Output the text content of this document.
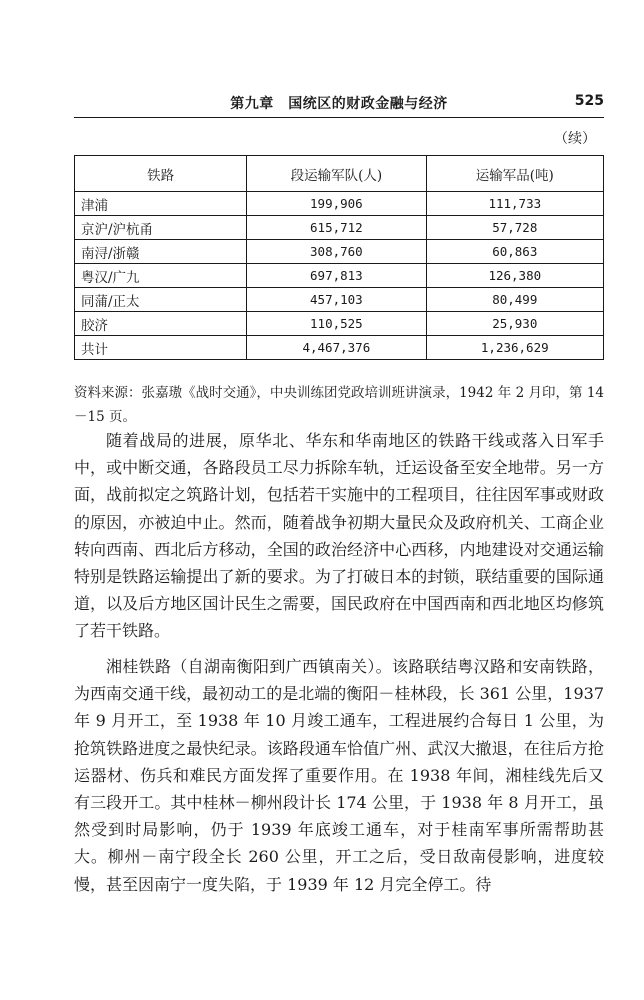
第九章　国统区的财政金融与经济	525
（续）
铁路	段运输军队(人)	运输军品(吨)
津浦	199,906	111,733
京沪/沪杭甬	615,712	57,728
南浔/浙赣	308,760	60,863
粤汉/广九	697,813	126,380
同蒲/正太	457,103	80,499
胶济	110,525	25,930
共计	4,467,376	1,236,629
资料来源：张嘉璈《战时交通》，中央训练团党政培训班讲演录，1942 年 2 月印，第 14－15 页。

随着战局的进展，原华北、华东和华南地区的铁路干线或落入日军手中，或中断交通，各路段员工尽力拆除车轨，迁运设备至安全地带。另一方面，战前拟定之筑路计划，包括若干实施中的工程项目，往往因军事或财政的原因，亦被迫中止。然而，随着战争初期大量民众及政府机关、工商企业转向西南、西北后方移动，全国的政治经济中心西移，内地建设对交通运输特别是铁路运输提出了新的要求。为了打破日本的封锁，联结重要的国际通道，以及后方地区国计民生之需要，国民政府在中国西南和西北地区均修筑了若干铁路。

湘桂铁路（自湖南衡阳到广西镇南关）。该路联结粤汉路和安南铁路，为西南交通干线，最初动工的是北端的衡阳－桂林段，长 361 公里，1937 年 9 月开工，至 1938 年 10 月竣工通车，工程进展约合每日 1 公里，为抢筑铁路进度之最快纪录。该路段通车恰值广州、武汉大撤退，在往后方抢运器材、伤兵和难民方面发挥了重要作用。在 1938 年间，湘桂线先后又有三段开工。其中桂林－柳州段计长 174 公里，于 1938 年 8 月开工，虽然受到时局影响，仍于 1939 年底竣工通车，对于桂南军事所需帮助甚大。柳州－南宁段全长 260 公里，开工之后，受日敌南侵影响，进度较慢，甚至因南宁一度失陷，于 1939 年 12 月完全停工。待
